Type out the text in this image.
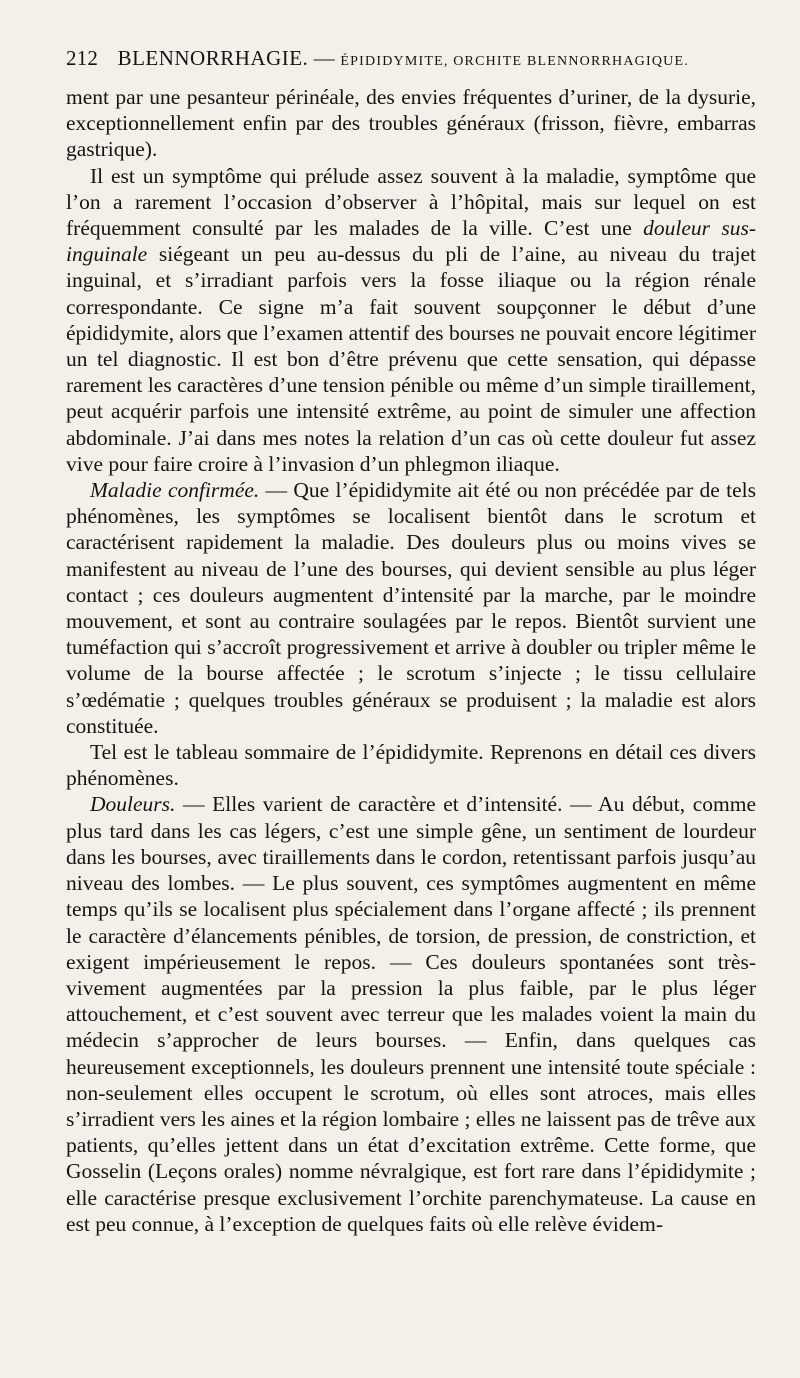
212 BLENNORRHAGIE. — ÉPIDIDYMITE, ORCHITE BLENNORRHAGIQUE.

ment par une pesanteur périnéale, des envies fréquentes d’uriner, de la dysurie, exceptionnellement enfin par des troubles généraux (frisson, fièvre, embarras gastrique).

Il est un symptôme qui prélude assez souvent à la maladie, symptôme que l’on a rarement l’occasion d’observer à l’hôpital, mais sur lequel on est fréquemment consulté par les malades de la ville. C’est une douleur sus-inguinale siégeant un peu au-dessus du pli de l’aine, au niveau du trajet inguinal, et s’irradiant parfois vers la fosse iliaque ou la région rénale correspondante. Ce signe m’a fait souvent soupçonner le début d’une épididymite, alors que l’examen attentif des bourses ne pouvait encore légitimer un tel diagnostic. Il est bon d’être prévenu que cette sensation, qui dépasse rarement les caractères d’une tension pénible ou même d’un simple tiraillement, peut acquérir parfois une intensité extrême, au point de simuler une affection abdominale. J’ai dans mes notes la relation d’un cas où cette douleur fut assez vive pour faire croire à l’invasion d’un phlegmon iliaque.

Maladie confirmée. — Que l’épididymite ait été ou non précédée par de tels phénomènes, les symptômes se localisent bientôt dans le scrotum et caractérisent rapidement la maladie. Des douleurs plus ou moins vives se manifestent au niveau de l’une des bourses, qui devient sensible au plus léger contact ; ces douleurs augmentent d’intensité par la marche, par le moindre mouvement, et sont au contraire soulagées par le repos. Bientôt survient une tuméfaction qui s’accroît progressivement et arrive à doubler ou tripler même le volume de la bourse affectée ; le scrotum s’injecte ; le tissu cellulaire s’œdématie ; quelques troubles généraux se produisent ; la maladie est alors constituée.

Tel est le tableau sommaire de l’épididymite. Reprenons en détail ces divers phénomènes.

Douleurs. — Elles varient de caractère et d’intensité. — Au début, comme plus tard dans les cas légers, c’est une simple gêne, un sentiment de lourdeur dans les bourses, avec tiraillements dans le cordon, retentissant parfois jusqu’au niveau des lombes. — Le plus souvent, ces symptômes augmentent en même temps qu’ils se localisent plus spécialement dans l’organe affecté ; ils prennent le caractère d’élancements pénibles, de torsion, de pression, de constriction, et exigent impérieusement le repos. — Ces douleurs spontanées sont très-vivement augmentées par la pression la plus faible, par le plus léger attouchement, et c’est souvent avec terreur que les malades voient la main du médecin s’approcher de leurs bourses. — Enfin, dans quelques cas heureusement exceptionnels, les douleurs prennent une intensité toute spéciale : non-seulement elles occupent le scrotum, où elles sont atroces, mais elles s’irradient vers les aines et la région lombaire ; elles ne laissent pas de trêve aux patients, qu’elles jettent dans un état d’excitation extrême. Cette forme, que Gosselin (Leçons orales) nomme névralgique, est fort rare dans l’épididymite ; elle caractérise presque exclusivement l’orchite parenchymateuse. La cause en est peu connue, à l’exception de quelques faits où elle relève évidem-
